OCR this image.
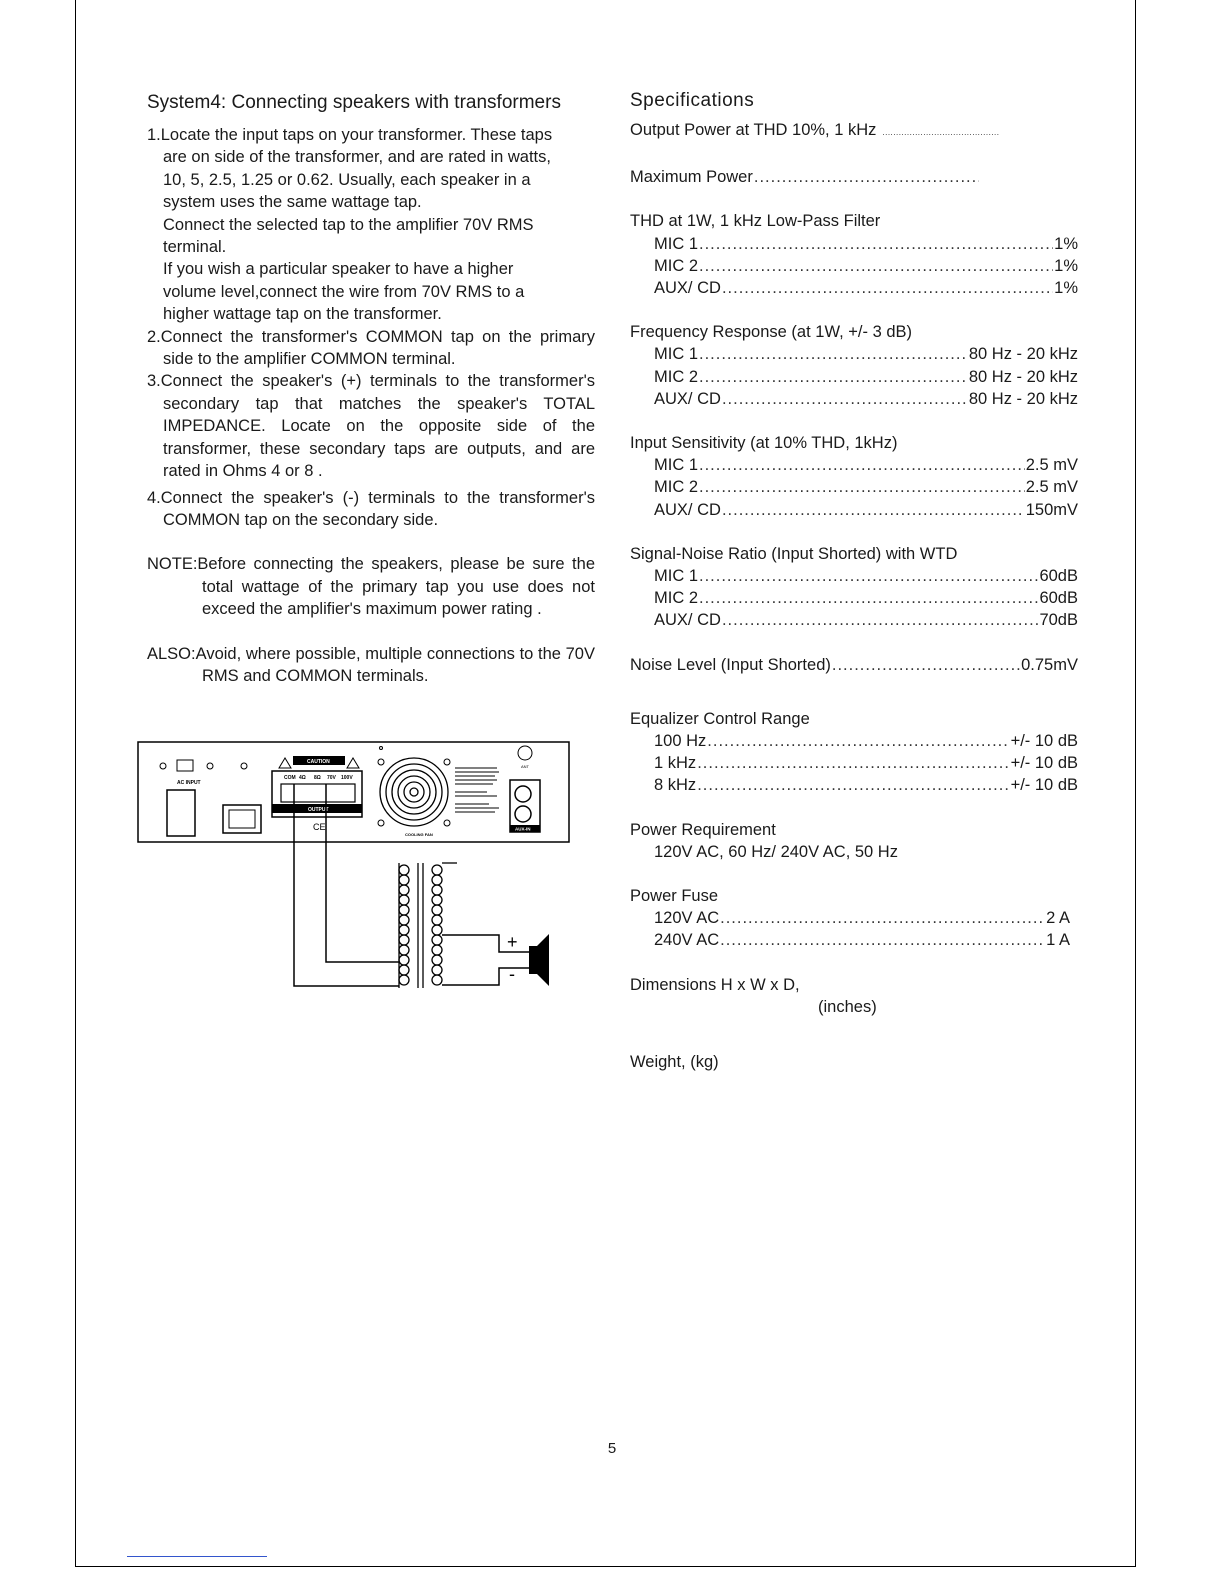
System4: Connecting speakers with transformers
1.Locate the input taps on your transformer. These taps
are on side of the transformer, and are rated in watts,
10, 5, 2.5, 1.25 or 0.62. Usually, each speaker in a
system uses the same wattage tap.
Connect the selected tap to the amplifier 70V RMS
terminal.
If you wish a particular speaker to have a higher
volume level,connect the wire from 70V RMS to a
higher wattage tap on the transformer.
2.Connect the transformer's COMMON tap on the primary side to the amplifier COMMON terminal.
3.Connect the speaker's (+) terminals to the transformer's secondary tap that matches the speaker's TOTAL IMPEDANCE. Locate on the opposite side of the transformer, these secondary taps are outputs, and are rated in Ohms 4 or 8 .
4.Connect the speaker's (-) terminals to the transformer's COMMON tap on the secondary side.
NOTE:Before connecting the speakers, please be sure the total wattage of the primary tap you use does not exceed the amplifier's maximum power rating .
ALSO:Avoid, where possible, multiple connections to the 70V RMS and COMMON terminals.
AC INPUT
CAUTION
COM 4Ω 8Ω 70V 100V
OUTPUT
CE
COOLING FAN
ANT
AUX-IN
+
-
Specifications
Output Power at THD 10%, 1 kHz
.....
Maximum Power
.....
THD at 1W, 1 kHz Low-Pass Filter
MIC 1 .....	1%
MIC 2 .....	1%
AUX/ CD .....	1%
Frequency Response (at 1W, +/- 3 dB)
MIC 1 .....	80 Hz - 20 kHz
MIC 2 .....	80 Hz - 20 kHz
AUX/ CD .....	80 Hz - 20 kHz
Input Sensitivity (at 10% THD, 1kHz)
MIC 1 .....	2.5 mV
MIC 2 .....	2.5 mV
AUX/ CD .....	150mV
Signal-Noise Ratio (Input Shorted) with WTD
MIC 1 .....	60dB
MIC 2 .....	60dB
AUX/ CD .....	70dB
Noise Level (Input Shorted) .....	0.75mV
Equalizer Control Range
100 Hz .....	+/- 10 dB
1 kHz .....	+/- 10 dB
8 kHz .....	+/- 10 dB
Power Requirement
120V AC, 60 Hz/ 240V AC, 50 Hz
Power Fuse
120V AC .....	2 A
240V AC .....	1 A
Dimensions H x W x D,
(inches)
Weight, (kg)
5
